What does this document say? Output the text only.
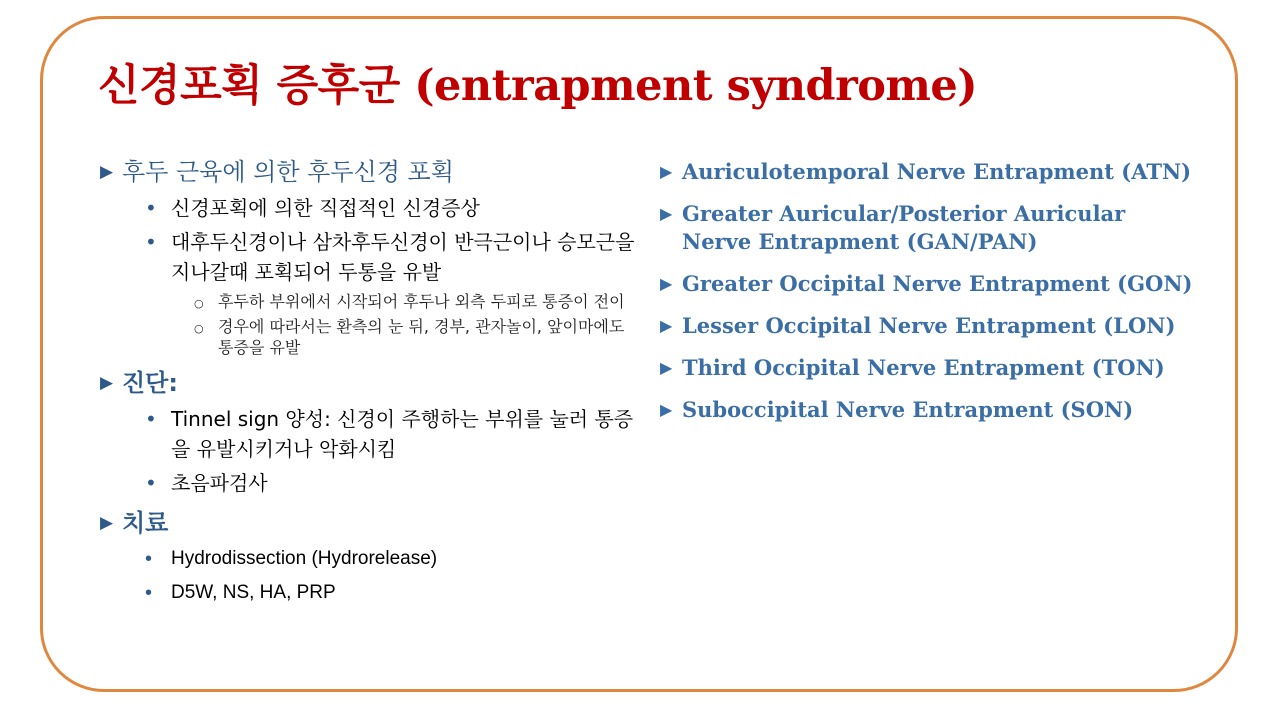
신경포획 증후군 (entrapment syndrome)
▶ 후두 근육에 의한 후두신경 포획
• 신경포획에 의한 직접적인 신경증상
• 대후두신경이나 삼차후두신경이 반극근이나 승모근을 지나갈때 포획되어 두통을 유발
○ 후두하 부위에서 시작되어 후두나 외측 두피로 통증이 전이
○ 경우에 따라서는 환측의 눈 뒤, 경부, 관자놀이, 앞이마에도 통증을 유발
▶ 진단:
• Tinnel sign 양성: 신경이 주행하는 부위를 눌러 통증을 유발시키거나 악화시킴
• 초음파검사
▶ 치료
• Hydrodissection (Hydrorelease)
• D5W, NS, HA, PRP
▶ Auriculotemporal Nerve Entrapment (ATN)
▶ Greater Auricular/Posterior Auricular Nerve Entrapment (GAN/PAN)
▶ Greater Occipital Nerve Entrapment (GON)
▶ Lesser Occipital Nerve Entrapment (LON)
▶ Third Occipital Nerve Entrapment (TON)
▶ Suboccipital Nerve Entrapment (SON)
